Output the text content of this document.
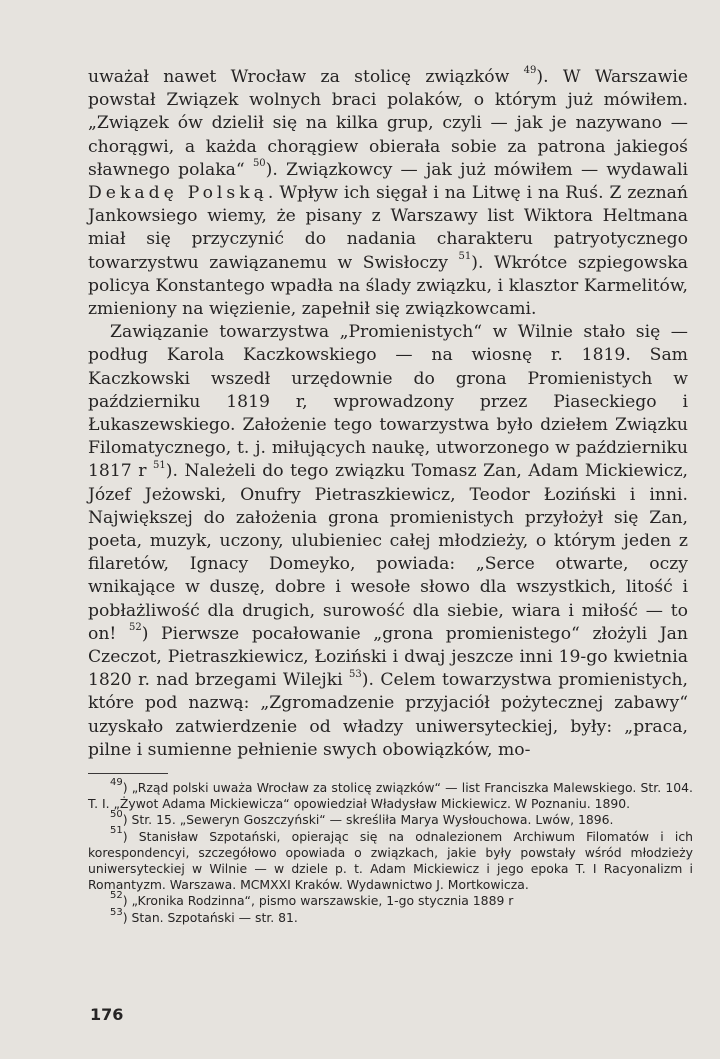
uważał nawet Wrocław za stolicę związków $^{49}$). W Warszawie powstał Związek wolnych braci polaków, o którym już mówiłem. „Związek ów dzielił się na kilka grup, czyli — jak je nazywano — chorągwi, a każda chorągiew obierała sobie za patrona jakiegoś sławnego polaka“ $^{50}$). Związkowcy — jak już mówiłem — wydawali Dekadę Polską. Wpływ ich sięgał i na Litwę i na Ruś. Z zeznań Jankowsiego wiemy, że pisany z Warszawy list Wiktora Heltmana miał się przyczynić do nadania charakteru patryotycznego towarzystwu zawiązanemu w Swisłoczy $^{51}$). Wkrótce szpiegowska policya Konstantego wpadła na ślady związku, i klasztor Karmelitów, zmieniony na więzienie, zapełnił się związkowcami.

Zawiązanie towarzystwa „Promienistych“ w Wilnie stało się — podług Karola Kaczkowskiego — na wiosnę r. 1819. Sam Kaczkowski wszedł urzędownie do grona Promienistych w październiku 1819 r, wprowadzony przez Piaseckiego i Łukaszewskiego. Założenie tego towarzystwa było dziełem Związku Filomatycznego, t. j. miłujących naukę, utworzonego w październiku 1817 r $^{51}$). Należeli do tego związku Tomasz Zan, Adam Mickiewicz, Józef Jeżowski, Onufry Pietraszkiewicz, Teodor Łoziński i inni. Największej do założenia grona promienistych przyłożył się Zan, poeta, muzyk, uczony, ulubieniec całej młodzieży, o którym jeden z filaretów, Ignacy Domeyko, powiada: „Serce otwarte, oczy wnikające w duszę, dobre i wesołe słowo dla wszystkich, litość i pobłażliwość dla drugich, surowość dla siebie, wiara i miłość — to on! $^{52}$) Pierwsze pocałowanie „grona promienistego“ złożyli Jan Czeczot, Pietraszkiewicz, Łoziński i dwaj jeszcze inni 19-go kwietnia 1820 r. nad brzegami Wilejki $^{53}$). Celem towarzystwa promienistych, które pod nazwą: „Zgromadzenie przyjaciół pożytecznej zabawy“ uzyskało zatwierdzenie od władzy uniwersyteckiej, były: „praca, pilne i sumienne pełnienie swych obowiązków, mo-

$^{49}$) „Rząd polski uważa Wrocław za stolicę związków“ — list Franciszka Malewskiego. Str. 104. T. I. „Żywot Adama Mickiewicza“ opowiedział Władysław Mickiewicz. W Poznaniu. 1890.

$^{50}$) Str. 15. „Seweryn Goszczyński“ — skreśliła Marya Wysłouchowa. Lwów, 1896.

$^{51}$) Stanisław Szpotański, opierając się na odnalezionem Archiwum Filomatów i ich korespondencyi, szczegółowo opowiada o związkach, jakie były powstały wśród młodzieży uniwersyteckiej w Wilnie — w dziele p. t. Adam Mickiewicz i jego epoka T. I Racyonalizm i Romantyzm. Warszawa. MCMXXI Kraków. Wydawnictwo J. Mortkowicza.

$^{52}$) „Kronika Rodzinna“, pismo warszawskie, 1-go stycznia 1889 r

$^{53}$) Stan. Szpotański — str. 81.

176
